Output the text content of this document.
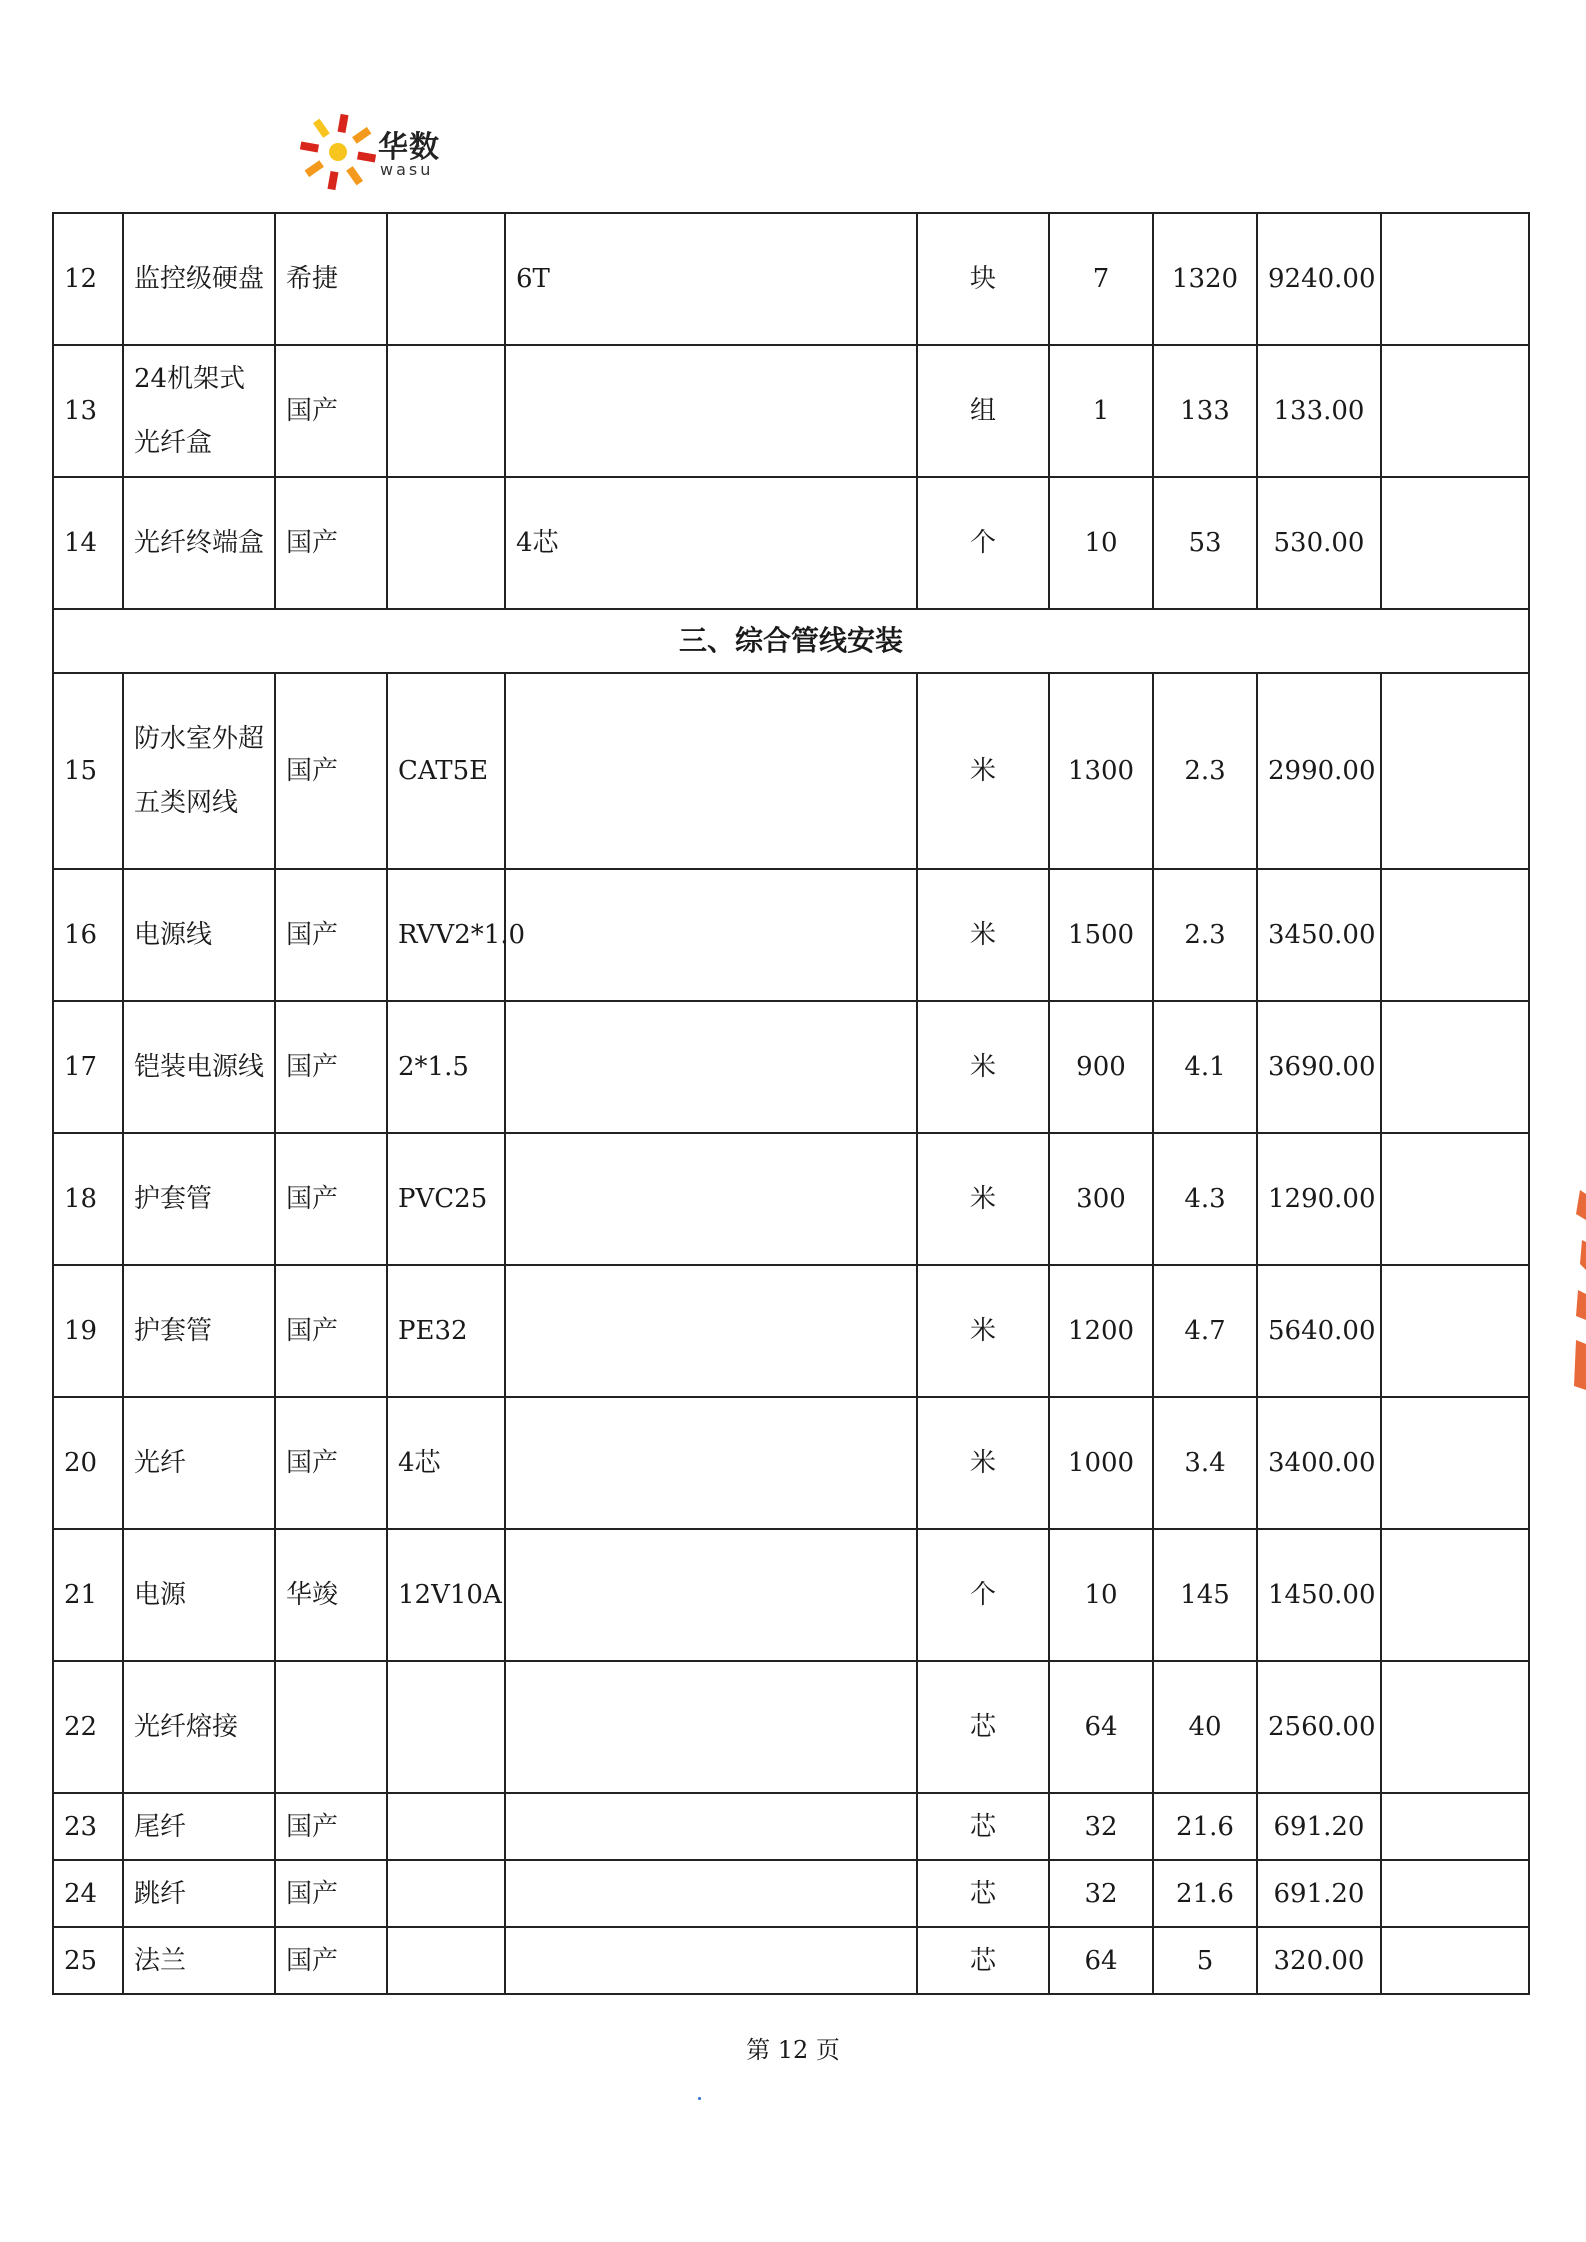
华数
wasu
12	监控级硬盘	希捷		6T	块	7	1320	9240.00	
13	24机架式光纤盒	国产			组	1	133	133.00	
14	光纤终端盒	国产		4芯	个	10	53	530.00	
三、综合管线安装									
15	防水室外超五类网线	国产	CAT5E		米	1300	2.3	2990.00	
16	电源线	国产	RVV2*1.0		米	1500	2.3	3450.00	
17	铠装电源线	国产	2*1.5		米	900	4.1	3690.00	
18	护套管	国产	PVC25		米	300	4.3	1290.00	
19	护套管	国产	PE32		米	1200	4.7	5640.00	
20	光纤	国产	4芯		米	1000	3.4	3400.00	
21	电源	华竣	12V10A		个	10	145	1450.00	
22	光纤熔接				芯	64	40	2560.00	
23	尾纤	国产			芯	32	21.6	691.20	
24	跳纤	国产			芯	32	21.6	691.20	
25	法兰	国产			芯	64	5	320.00	
第 12 页
